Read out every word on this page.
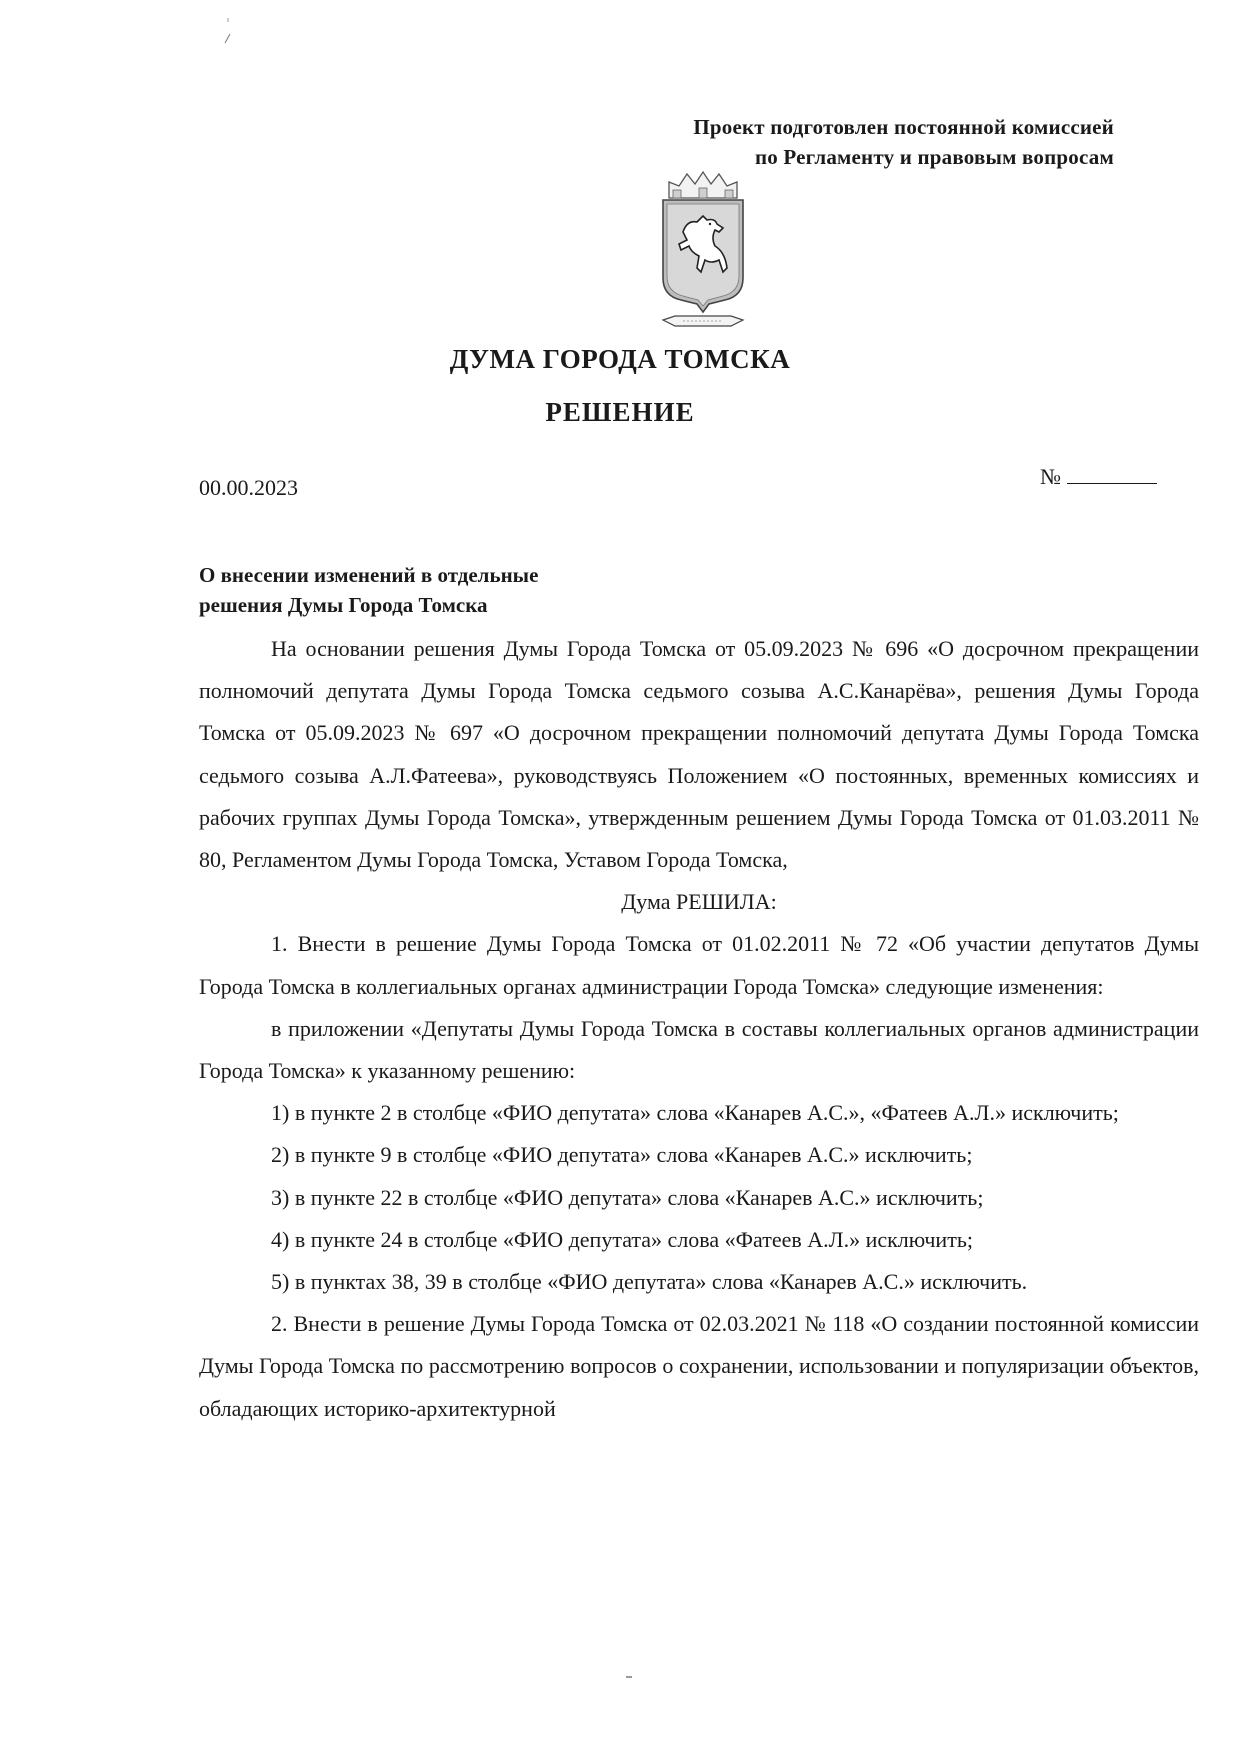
Проект подготовлен постоянной комиссией
по Регламенту и правовым вопросам
ДУМА ГОРОДА ТОМСКА
РЕШЕНИЕ
00.00.2023	№
О внесении изменений в отдельные
решения Думы Города Томска

На основании решения Думы Города Томска от 05.09.2023 № 696 «О досрочном прекращении полномочий депутата Думы Города Томска седьмого созыва А.С.Канарёва», решения Думы Города Томска от 05.09.2023 № 697 «О досрочном прекращении полномочий депутата Думы Города Томска седьмого созыва А.Л.Фатеева», руководствуясь Положением «О постоянных, временных комиссиях и рабочих группах Думы Города Томска», утвержденным решением Думы Города Томска от 01.03.2011 № 80, Регламентом Думы Города Томска, Уставом Города Томска,

Дума РЕШИЛА:

1. Внести в решение Думы Города Томска от 01.02.2011 № 72 «Об участии депутатов Думы Города Томска в коллегиальных органах администрации Города Томска» следующие изменения:

в приложении «Депутаты Думы Города Томска в составы коллегиальных органов администрации Города Томска» к указанному решению:

1) в пункте 2 в столбце «ФИО депутата» слова «Канарев А.С.», «Фатеев А.Л.» исключить;

2) в пункте 9 в столбце «ФИО депутата» слова «Канарев А.С.» исключить;

3) в пункте 22 в столбце «ФИО депутата» слова «Канарев А.С.» исключить;

4) в пункте 24 в столбце «ФИО депутата» слова «Фатеев А.Л.» исключить;

5) в пунктах 38, 39 в столбце «ФИО депутата» слова «Канарев А.С.» исключить.

2. Внести в решение Думы Города Томска от 02.03.2021 № 118 «О создании постоянной комиссии Думы Города Томска по рассмотрению вопросов о сохранении, использовании и популяризации объектов, обладающих историко-архитектурной
